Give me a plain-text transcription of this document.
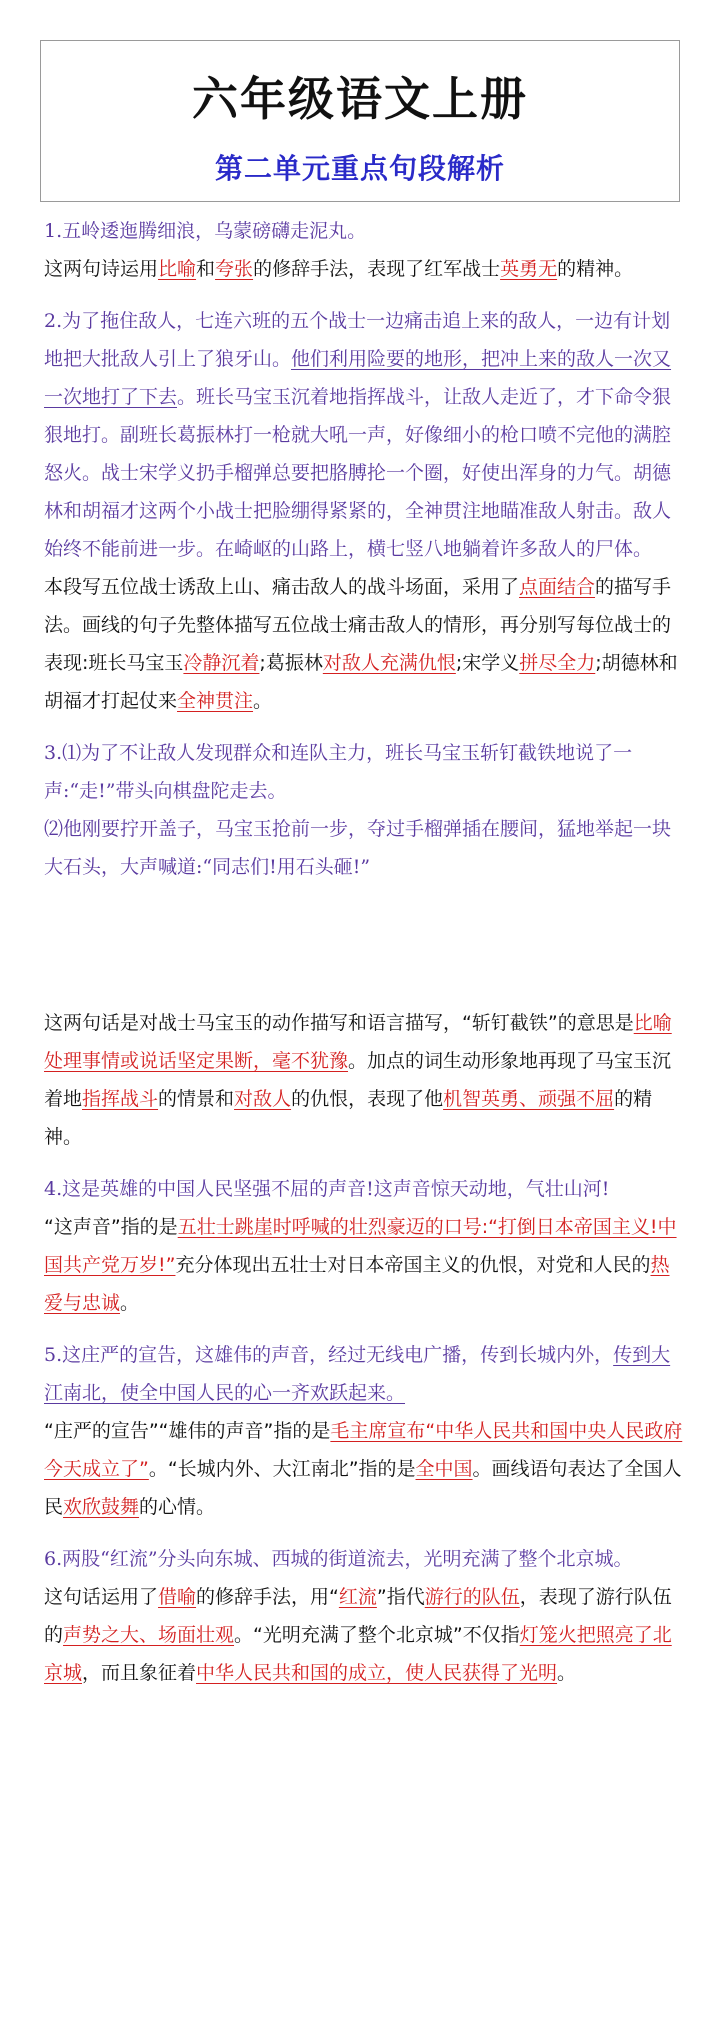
六年级语文上册
第二单元重点句段解析

1.五岭逶迤腾细浪，乌蒙磅礴走泥丸。

这两句诗运用比喻和夸张的修辞手法，表现了红军战士英勇无的精神。

2.为了拖住敌人，七连六班的五个战士一边痛击追上来的敌人，一边有计划地把大批敌人引上了狼牙山。他们利用险要的地形，把冲上来的敌人一次又一次地打了下去。班长马宝玉沉着地指挥战斗，让敌人走近了，才下命令狠狠地打。副班长葛振林打一枪就大吼一声，好像细小的枪口喷不完他的满腔怒火。战士宋学义扔手榴弹总要把胳膊抡一个圈，好使出浑身的力气。胡德林和胡福才这两个小战士把脸绷得紧紧的，全神贯注地瞄准敌人射击。敌人始终不能前进一步。在崎岖的山路上，横七竖八地躺着许多敌人的尸体。

本段写五位战士诱敌上山、痛击敌人的战斗场面，采用了点面结合的描写手法。画线的句子先整体描写五位战士痛击敌人的情形，再分别写每位战士的表现:班长马宝玉冷静沉着;葛振林对敌人充满仇恨;宋学义拼尽全力;胡德林和胡福才打起仗来全神贯注。

3.⑴为了不让敌人发现群众和连队主力，班长马宝玉斩钉截铁地说了一声:“走!”带头向棋盘陀走去。

⑵他刚要拧开盖子，马宝玉抢前一步，夺过手榴弹插在腰间，猛地举起一块大石头，大声喊道:“同志们!用石头砸!”

这两句话是对战士马宝玉的动作描写和语言描写，“斩钉截铁”的意思是比喻处理事情或说话坚定果断，毫不犹豫。加点的词生动形象地再现了马宝玉沉着地指挥战斗的情景和对敌人的仇恨，表现了他机智英勇、顽强不屈的精神。

4.这是英雄的中国人民坚强不屈的声音!这声音惊天动地，气壮山河!

“这声音”指的是五壮士跳崖时呼喊的壮烈豪迈的口号:“打倒日本帝国主义!中国共产党万岁!”充分体现出五壮士对日本帝国主义的仇恨，对党和人民的热爱与忠诚。

5.这庄严的宣告，这雄伟的声音，经过无线电广播，传到长城内外，传到大江南北，使全中国人民的心一齐欢跃起来。

“庄严的宣告”“雄伟的声音”指的是毛主席宣布“中华人民共和国中央人民政府今天成立了”。“长城内外、大江南北”指的是全中国。画线语句表达了全国人民欢欣鼓舞的心情。

6.两股“红流”分头向东城、西城的街道流去，光明充满了整个北京城。

这句话运用了借喻的修辞手法，用“红流”指代游行的队伍，表现了游行队伍的声势之大、场面壮观。“光明充满了整个北京城”不仅指灯笼火把照亮了北京城，而且象征着中华人民共和国的成立，使人民获得了光明。
